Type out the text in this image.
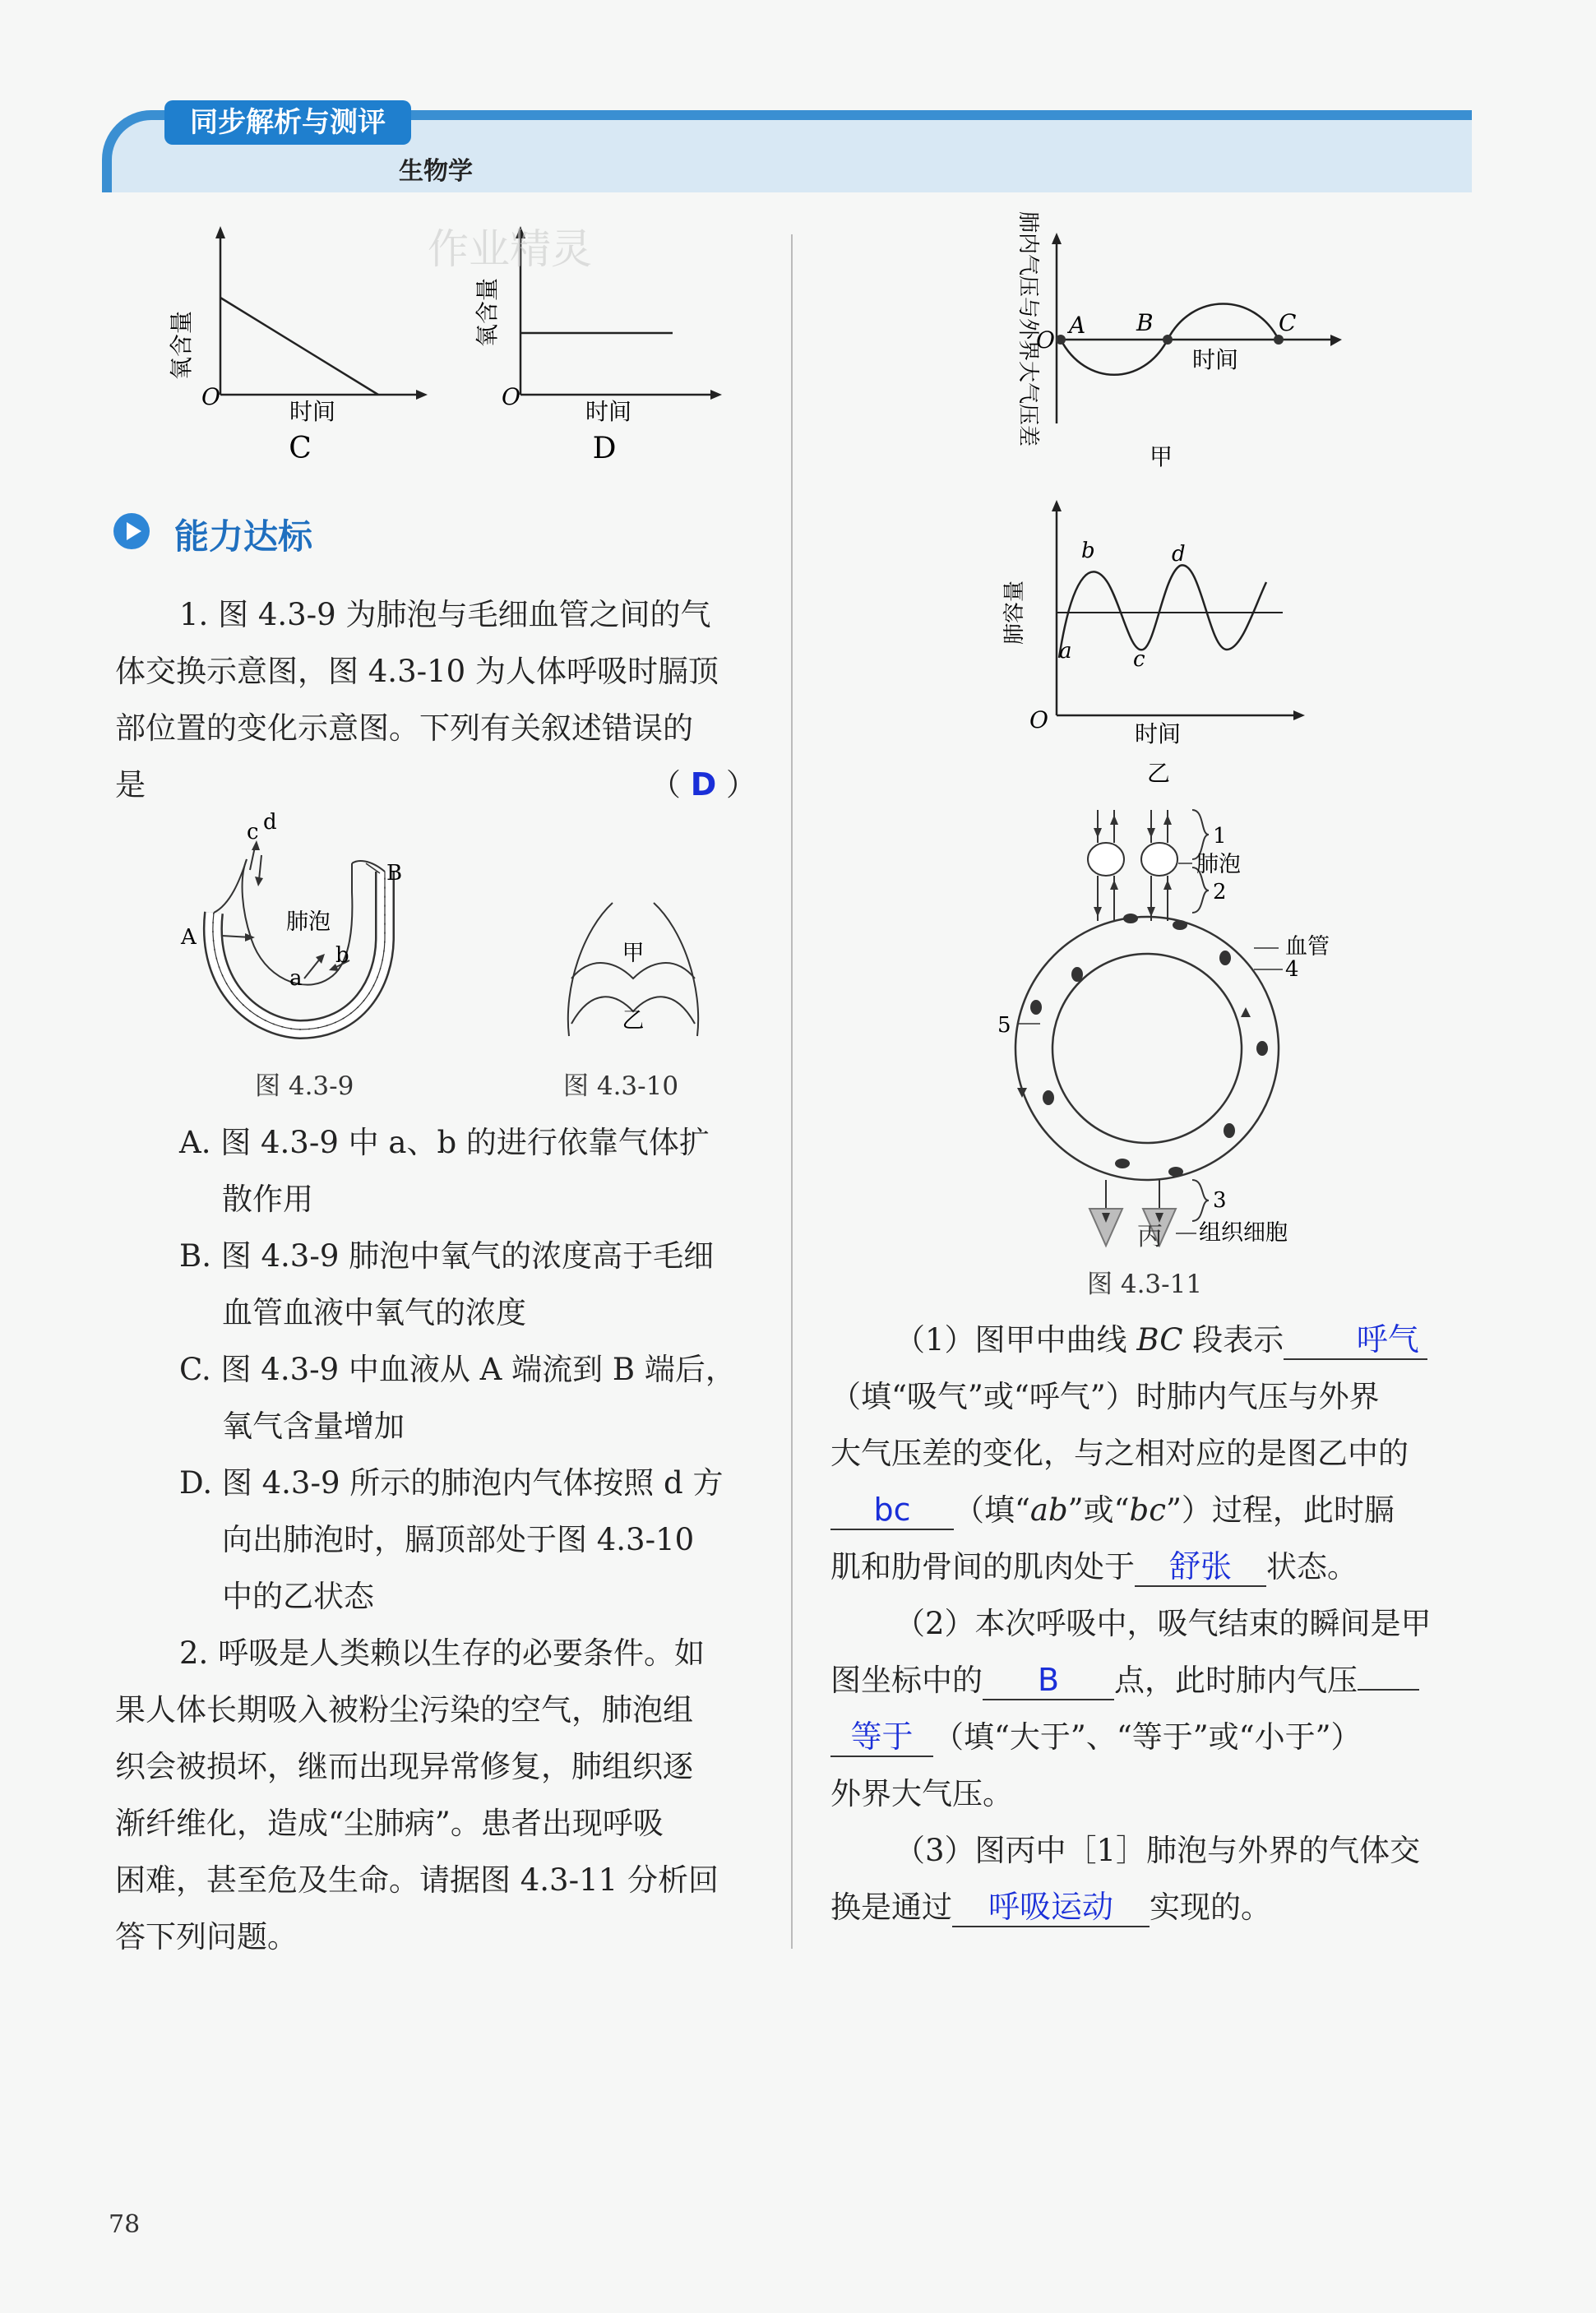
同步解析与测评
生物学
氧含量
O
时间
C
氧含量
O
时间
D
作业精灵
能力达标
1. 图 4.3-9 为肺泡与毛细血管之间的气
体交换示意图，图 4.3-10 为人体呼吸时膈顶
部位置的变化示意图。下列有关叙述错误的
是	（ D ）
c d
B
A
肺泡
a
b
图 4.3-9
甲
乙
图 4.3-10
A. 图 4.3-9 中 a、b 的进行依靠气体扩
散作用
B. 图 4.3-9 肺泡中氧气的浓度高于毛细
血管血液中氧气的浓度
C. 图 4.3-9 中血液从 A 端流到 B 端后，
氧气含量增加
D. 图 4.3-9 所示的肺泡内气体按照 d 方
向出肺泡时，膈顶部处于图 4.3-10
中的乙状态
2. 呼吸是人类赖以生存的必要条件。如
果人体长期吸入被粉尘污染的空气，肺泡组
织会被损坏，继而出现异常修复，肺组织逐
渐纤维化，造成“尘肺病”。患者出现呼吸
困难，甚至危及生命。请据图 4.3-11 分析回
答下列问题。
A B	C
O
时间
肺内气压与外界大气压差
甲
a
b
c
d
肺容量
O
时间
乙
1
肺泡
2
血管
4
5
3
组织细胞
丙
图 4.3-11
（1）图甲中曲线 BC 段表示 呼气
（填“吸气”或“呼气”）时肺内气压与外界
大气压差的变化，与之相对应的是图乙中的
bc （填“ab”或“bc”）过程，此时膈
肌和肋骨间的肌肉处于 舒张 状态。
（2）本次呼吸中，吸气结束的瞬间是甲
图坐标中的 B 点，此时肺内气压
等于 （填“大于”、“等于”或“小于”）
外界大气压。
（3）图丙中［1］肺泡与外界的气体交
换是通过 呼吸运动 实现的。
78
